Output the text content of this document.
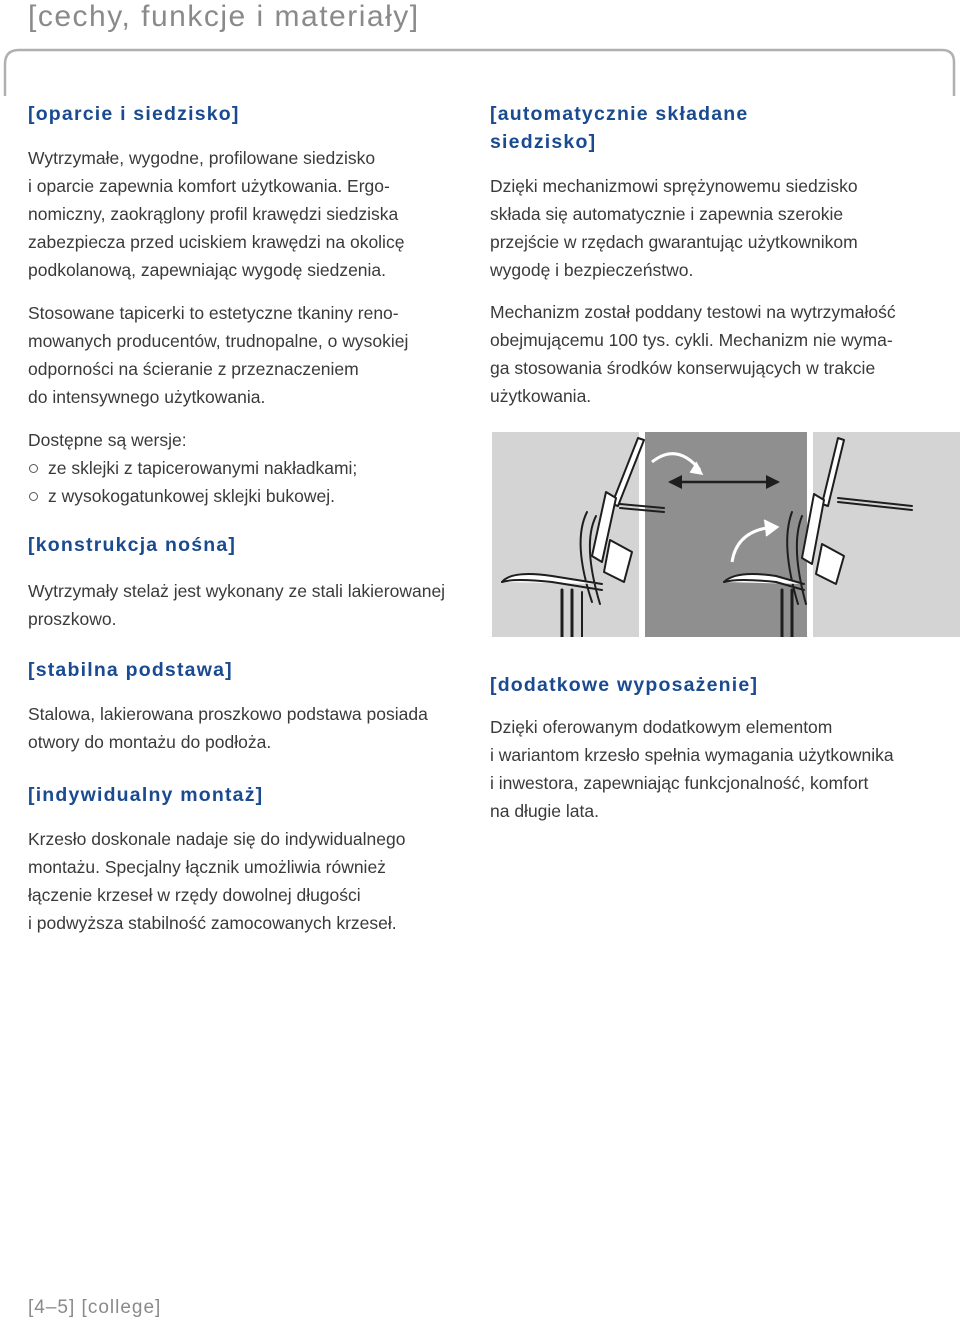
[cechy, funkcje i materiały]
[oparcie i siedzisko]

Wytrzymałe, wygodne, profilowane siedzisko
i oparcie zapewnia komfort użytkowania. Ergo-
nomiczny, zaokrąglony profil krawędzi siedziska
zabezpiecza przed uciskiem krawędzi na okolicę
podkolanową, zapewniając wygodę siedzenia.

Stosowane tapicerki to estetyczne tkaniny reno-
mowanych producentów, trudnopalne, o wysokiej
odporności na ścieranie z przeznaczeniem
do intensywnego użytkowania.

Dostępne są wersje:

ze sklejki z tapicerowanymi nakładkami;
z wysokogatunkowej sklejki bukowej.
[konstrukcja nośna]

Wytrzymały stelaż jest wykonany ze stali lakierowanej
proszkowo.

[stabilna podstawa]

Stalowa, lakierowana proszkowo podstawa posiada
otwory do montażu do podłoża.

[indywidualny montaż]

Krzesło doskonale nadaje się do indywidualnego
montażu. Specjalny łącznik umożliwia również
łączenie krzeseł w rzędy dowolnej długości
i podwyższa stabilność zamocowanych krzeseł.

[automatycznie składane
siedzisko]

Dzięki mechanizmowi sprężynowemu siedzisko
składa się automatycznie i zapewnia szerokie
przejście w rzędach gwarantując użytkownikom
wygodę i bezpieczeństwo.

Mechanizm został poddany testowi na wytrzymałość
obejmującemu 100 tys. cykli. Mechanizm nie wyma-
ga stosowania środków konserwujących w trakcie
użytkowania.

[dodatkowe wyposażenie]

Dzięki oferowanym dodatkowym elementom
i wariantom krzesło spełnia wymagania użytkownika
i inwestora, zapewniając funkcjonalność, komfort
na długie lata.

[4–5] [college]
